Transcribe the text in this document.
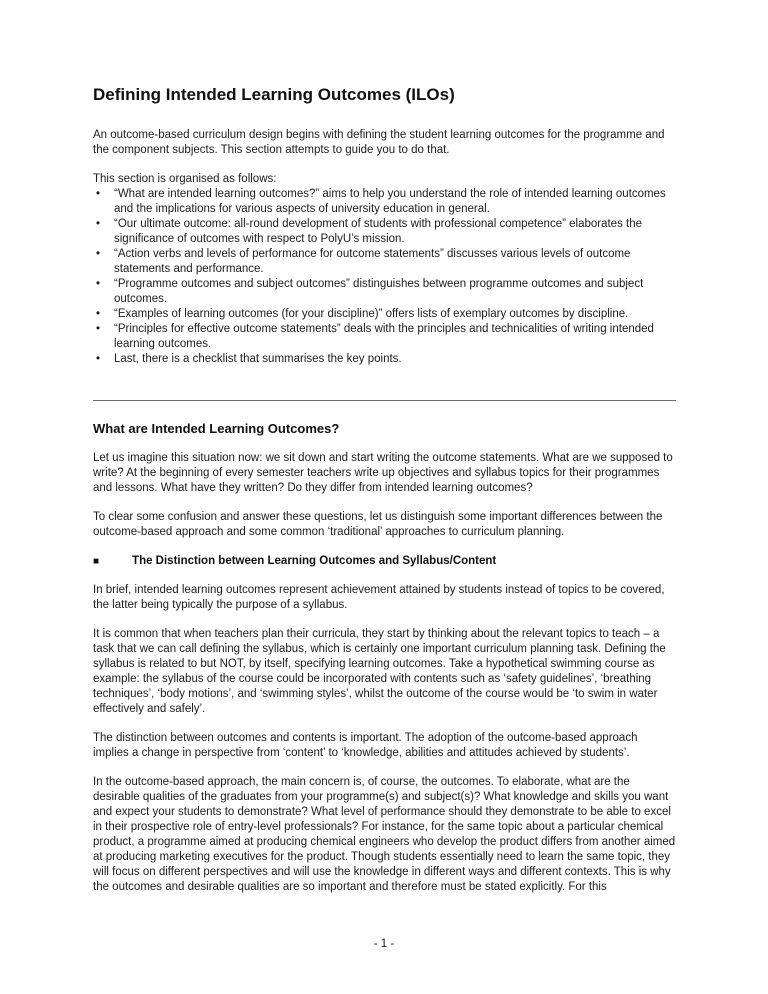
Defining Intended Learning Outcomes (ILOs)

An outcome-based curriculum design begins with defining the student learning outcomes for the programme and the component subjects. This section attempts to guide you to do that.

This section is organised as follows:

• “What are intended learning outcomes?” aims to help you understand the role of intended learning outcomes and the implications for various aspects of university education in general.
• “Our ultimate outcome: all-round development of students with professional competence” elaborates the significance of outcomes with respect to PolyU’s mission.
• “Action verbs and levels of performance for outcome statements” discusses various levels of outcome statements and performance.
• “Programme outcomes and subject outcomes” distinguishes between programme outcomes and subject outcomes.
• “Examples of learning outcomes (for your discipline)” offers lists of exemplary outcomes by discipline.
• “Principles for effective outcome statements” deals with the principles and technicalities of writing intended learning outcomes.
• Last, there is a checklist that summarises the key points.
What are Intended Learning Outcomes?

Let us imagine this situation now: we sit down and start writing the outcome statements. What are we supposed to write? At the beginning of every semester teachers write up objectives and syllabus topics for their programmes and lessons. What have they written? Do they differ from intended learning outcomes?

To clear some confusion and answer these questions, let us distinguish some important differences between the outcome-based approach and some common ‘traditional’ approaches to curriculum planning.

■	The Distinction between Learning Outcomes and Syllabus/Content

In brief, intended learning outcomes represent achievement attained by students instead of topics to be covered, the latter being typically the purpose of a syllabus.

It is common that when teachers plan their curricula, they start by thinking about the relevant topics to teach – a task that we can call defining the syllabus, which is certainly one important curriculum planning task. Defining the syllabus is related to but NOT, by itself, specifying learning outcomes. Take a hypothetical swimming course as example: the syllabus of the course could be incorporated with contents such as ‘safety guidelines’, ‘breathing techniques’, ‘body motions’, and ‘swimming styles’, whilst the outcome of the course would be ‘to swim in water effectively and safely’.

The distinction between outcomes and contents is important. The adoption of the outcome-based approach implies a change in perspective from ‘content’ to ‘knowledge, abilities and attitudes achieved by students’.

In the outcome-based approach, the main concern is, of course, the outcomes. To elaborate, what are the desirable qualities of the graduates from your programme(s) and subject(s)? What knowledge and skills you want and expect your students to demonstrate? What level of performance should they demonstrate to be able to excel in their prospective role of entry-level professionals? For instance, for the same topic about a particular chemical product, a programme aimed at producing chemical engineers who develop the product differs from another aimed at producing marketing executives for the product. Though students essentially need to learn the same topic, they will focus on different perspectives and will use the knowledge in different ways and different contexts. This is why the outcomes and desirable qualities are so important and therefore must be stated explicitly. For this

- 1 -
